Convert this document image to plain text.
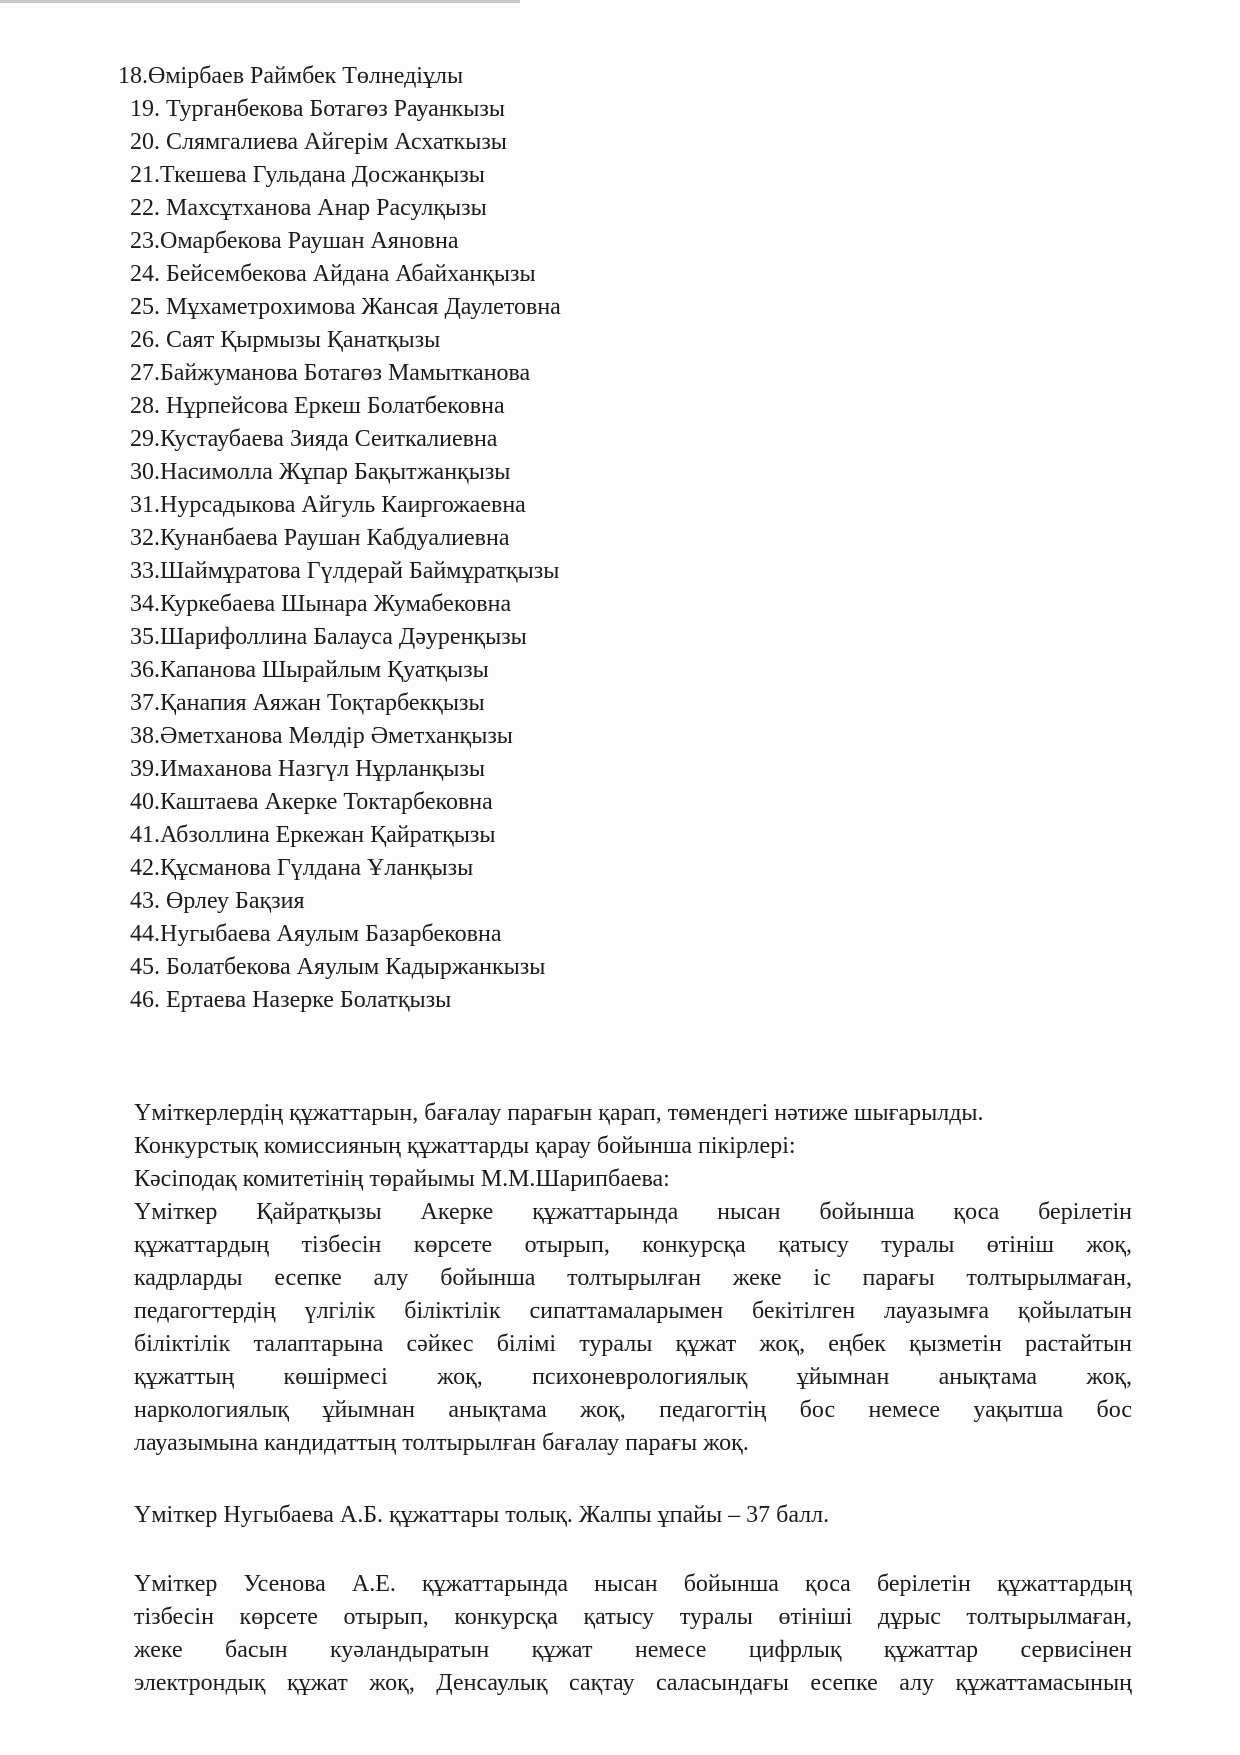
18.Өмірбаев Раймбек Төлнедіұлы
19. Турганбекова Ботагөз Рауанкызы
20. Слямгалиева Айгерім Асхаткызы
21.Ткешева Гульдана Досжанқызы
22. Махсұтханова Анар Расулқызы
23.Омарбекова Раушан Аяновна
24. Бейсембекова Айдана Абайханқызы
25. Мұхаметрохимова Жансая Даулетовна
26. Саят Қырмызы Қанатқызы
27.Байжуманова Ботагөз Мамытканова
28. Нұрпейсова Еркеш Болатбековна
29.Кустаубаева Зияда Сеиткалиевна
30.Насимолла Жұпар Бақытжанқызы
31.Нурсадыкова Айгуль Каиргожаевна
32.Кунанбаева Раушан Кабдуалиевна
33.Шаймұратова Гүлдерай Баймұратқызы
34.Куркебаева Шынара Жумабековна
35.Шарифоллина Балауса Дәуренқызы
36.Капанова Шырайлым Қуатқызы
37.Қанапия Аяжан Тоқтарбекқызы
38.Әметханова Мөлдір Әметханқызы
39.Имаханова Назгүл Нұрланқызы
40.Каштаева Акерке Токтарбековна
41.Абзоллина Еркежан Қайратқызы
42.Құсманова Гүлдана Ұланқызы
43. Өрлеу Бақзия
44.Нугыбаева Аяулым Базарбековна
45. Болатбекова Аяулым Кадыржанкызы
46. Ертаева Назерке Болатқызы
Үміткерлердің құжаттарын, бағалау парағын қарап, төмендегі нәтиже шығарылды.
Конкурстық комиссияның құжаттарды қарау бойынша пікірлері:
Кәсіподақ комитетінің төрайымы М.М.Шарипбаева:
Үміткер Қайратқызы Акерке құжаттарында нысан бойынша қоса берілетін
құжаттардың тізбесін көрсете отырып, конкурсқа қатысу туралы өтініш жоқ,
кадрларды есепке алу бойынша толтырылған жеке іс парағы толтырылмаған,
педагогтердің үлгілік біліктілік сипаттамаларымен бекітілген лауазымға қойылатын
біліктілік талаптарына сәйкес білімі туралы құжат жоқ, еңбек қызметін растайтын
құжаттың көшірмесі жоқ, психоневрологиялық ұйымнан анықтама жоқ,
наркологиялық ұйымнан анықтама жоқ, педагогтің бос немесе уақытша бос
лауазымына кандидаттың толтырылған бағалау парағы жоқ.
Үміткер Нугыбаева А.Б. құжаттары толық. Жалпы ұпайы – 37 балл.
Үміткер Усенова А.Е. құжаттарында нысан бойынша қоса берілетін құжаттардың
тізбесін көрсете отырып, конкурсқа қатысу туралы өтініші дұрыс толтырылмаған,
жеке басын куәландыратын құжат немесе цифрлық құжаттар сервисінен
электрондық құжат жоқ, Денсаулық сақтау саласындағы есепке алу құжаттамасының
